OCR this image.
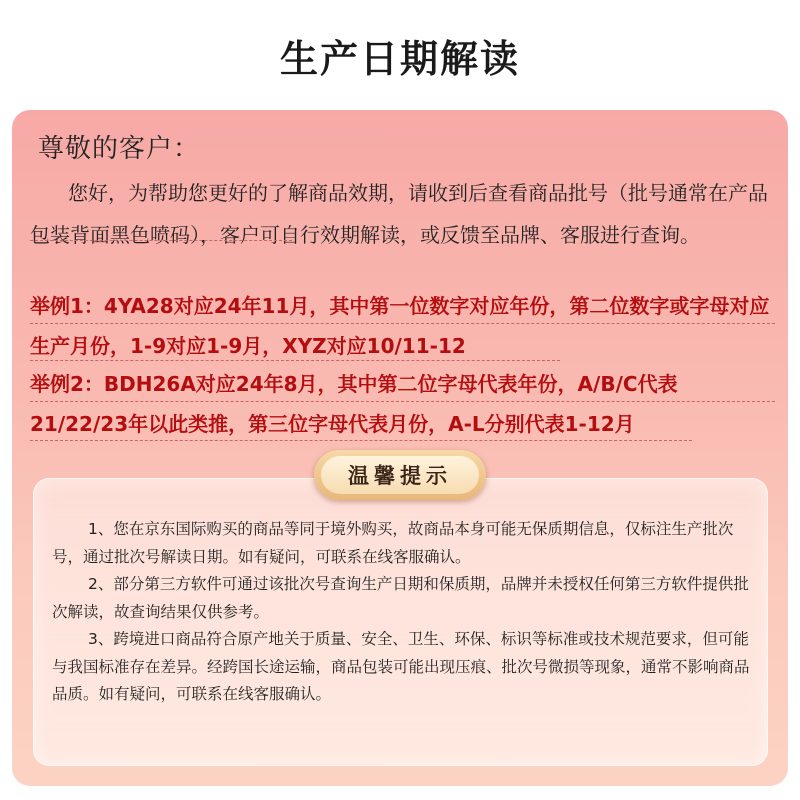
生产日期解读
尊敬的客户：
您好，为帮助您更好的了解商品效期，请收到后查看商品批号（批号通常在产品包装背面黑色喷码），客户可自行效期解读，或反馈至品牌、客服进行查询。
举例1：4YA28对应24年11月，其中第一位数字对应年份，第二位数字或字母对应生产月份，1-9对应1-9月，XYZ对应10/11-12
举例2：BDH26A对应24年8月，其中第二位字母代表年份，A/B/C代表21/22/23年以此类推，第三位字母代表月份，A-L分别代表1-12月
温馨提示

1、您在京东国际购买的商品等同于境外购买，故商品本身可能无保质期信息，仅标注生产批次号，通过批次号解读日期。如有疑问，可联系在线客服确认。

2、部分第三方软件可通过该批次号查询生产日期和保质期，品牌并未授权任何第三方软件提供批次解读，故查询结果仅供参考。

3、跨境进口商品符合原产地关于质量、安全、卫生、环保、标识等标准或技术规范要求，但可能与我国标准存在差异。经跨国长途运输，商品包装可能出现压痕、批次号微损等现象，通常不影响商品品质。如有疑问，可联系在线客服确认。
